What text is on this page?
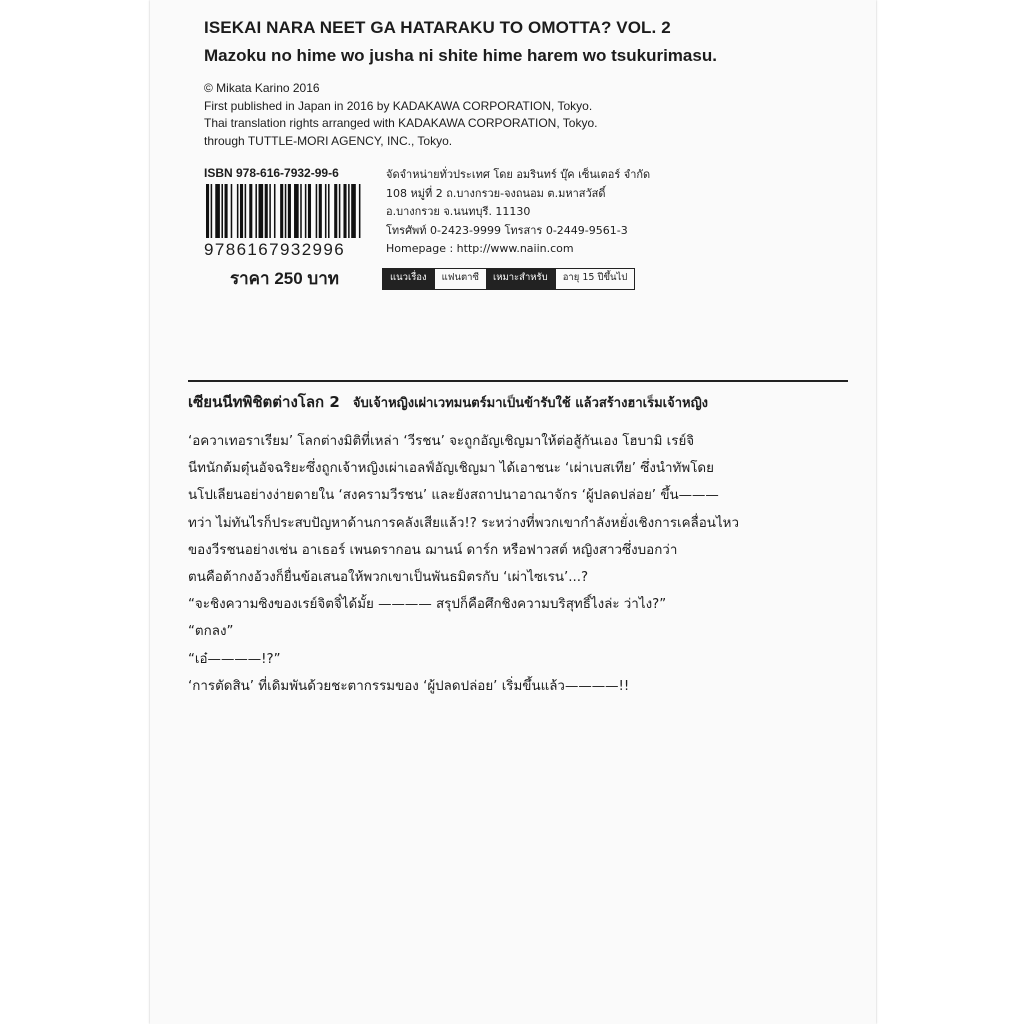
ISEKAI NARA NEET GA HATARAKU TO OMOTTA? VOL. 2
Mazoku no hime wo jusha ni shite hime harem wo tsukurimasu.
© Mikata Karino 2016
First published in Japan in 2016 by KADAKAWA CORPORATION, Tokyo.
Thai translation rights arranged with KADAKAWA CORPORATION, Tokyo.
through TUTTLE-MORI AGENCY, INC., Tokyo.
ISBN 978-616-7932-99-6
9786167932996
ราคา 250 บาท
จัดจำหน่ายทั่วประเทศ โดย อมรินทร์ บุ๊ค เซ็นเตอร์ จำกัด
108 หมู่ที่ 2 ถ.บางกรวย-จงถนอม ต.มหาสวัสดิ์
อ.บางกรวย จ.นนทบุรี. 11130
โทรศัพท์ 0-2423-9999 โทรสาร 0-2449-9561-3
Homepage : http://www.naiin.com
แนวเรื่อง	แฟนตาซี	เหมาะสำหรับ	อายุ 15 ปีขึ้นไป
เซียนนีทพิชิตต่างโลก 2 จับเจ้าหญิงเผ่าเวทมนตร์มาเป็นข้ารับใช้ แล้วสร้างฮาเร็มเจ้าหญิง
‘อควาเทอราเรียม’ โลกต่างมิติที่เหล่า ‘วีรชน’ จะถูกอัญเชิญมาให้ต่อสู้กันเอง โฮบามิ เรย์จิ
นีทนักต้มตุ๋นอัจฉริยะซึ่งถูกเจ้าหญิงเผ่าเอลฟ์อัญเชิญมา ได้เอาชนะ ‘เผ่าเบสเทีย’ ซึ่งนำทัพโดย
นโปเลียนอย่างง่ายดายใน ‘สงครามวีรชน’ และยังสถาปนาอาณาจักร ‘ผู้ปลดปล่อย’ ขึ้น———
ทว่า ไม่ทันไรก็ประสบปัญหาด้านการคลังเสียแล้ว!? ระหว่างที่พวกเขากำลังหยั่งเชิงการเคลื่อนไหว
ของวีรชนอย่างเช่น อาเธอร์ เพนดรากอน ฌานน์ ดาร์ก หรือฟาวสต์ หญิงสาวซึ่งบอกว่า
ตนคือต้ากงอ้วงก็ยื่นข้อเสนอให้พวกเขาเป็นพันธมิตรกับ ‘เผ่าไซเรน’...?
“จะชิงความซิงของเรย์จิตจิ๋ได้มั้ย ———— สรุปก็คือศึกชิงความบริสุทธิ์ไงล่ะ ว่าไง?”
“ตกลง”
“เอ๋————!?”
‘การตัดสิน’ ที่เดิมพันด้วยชะตากรรมของ ‘ผู้ปลดปล่อย’ เริ่มขึ้นแล้ว————!!
